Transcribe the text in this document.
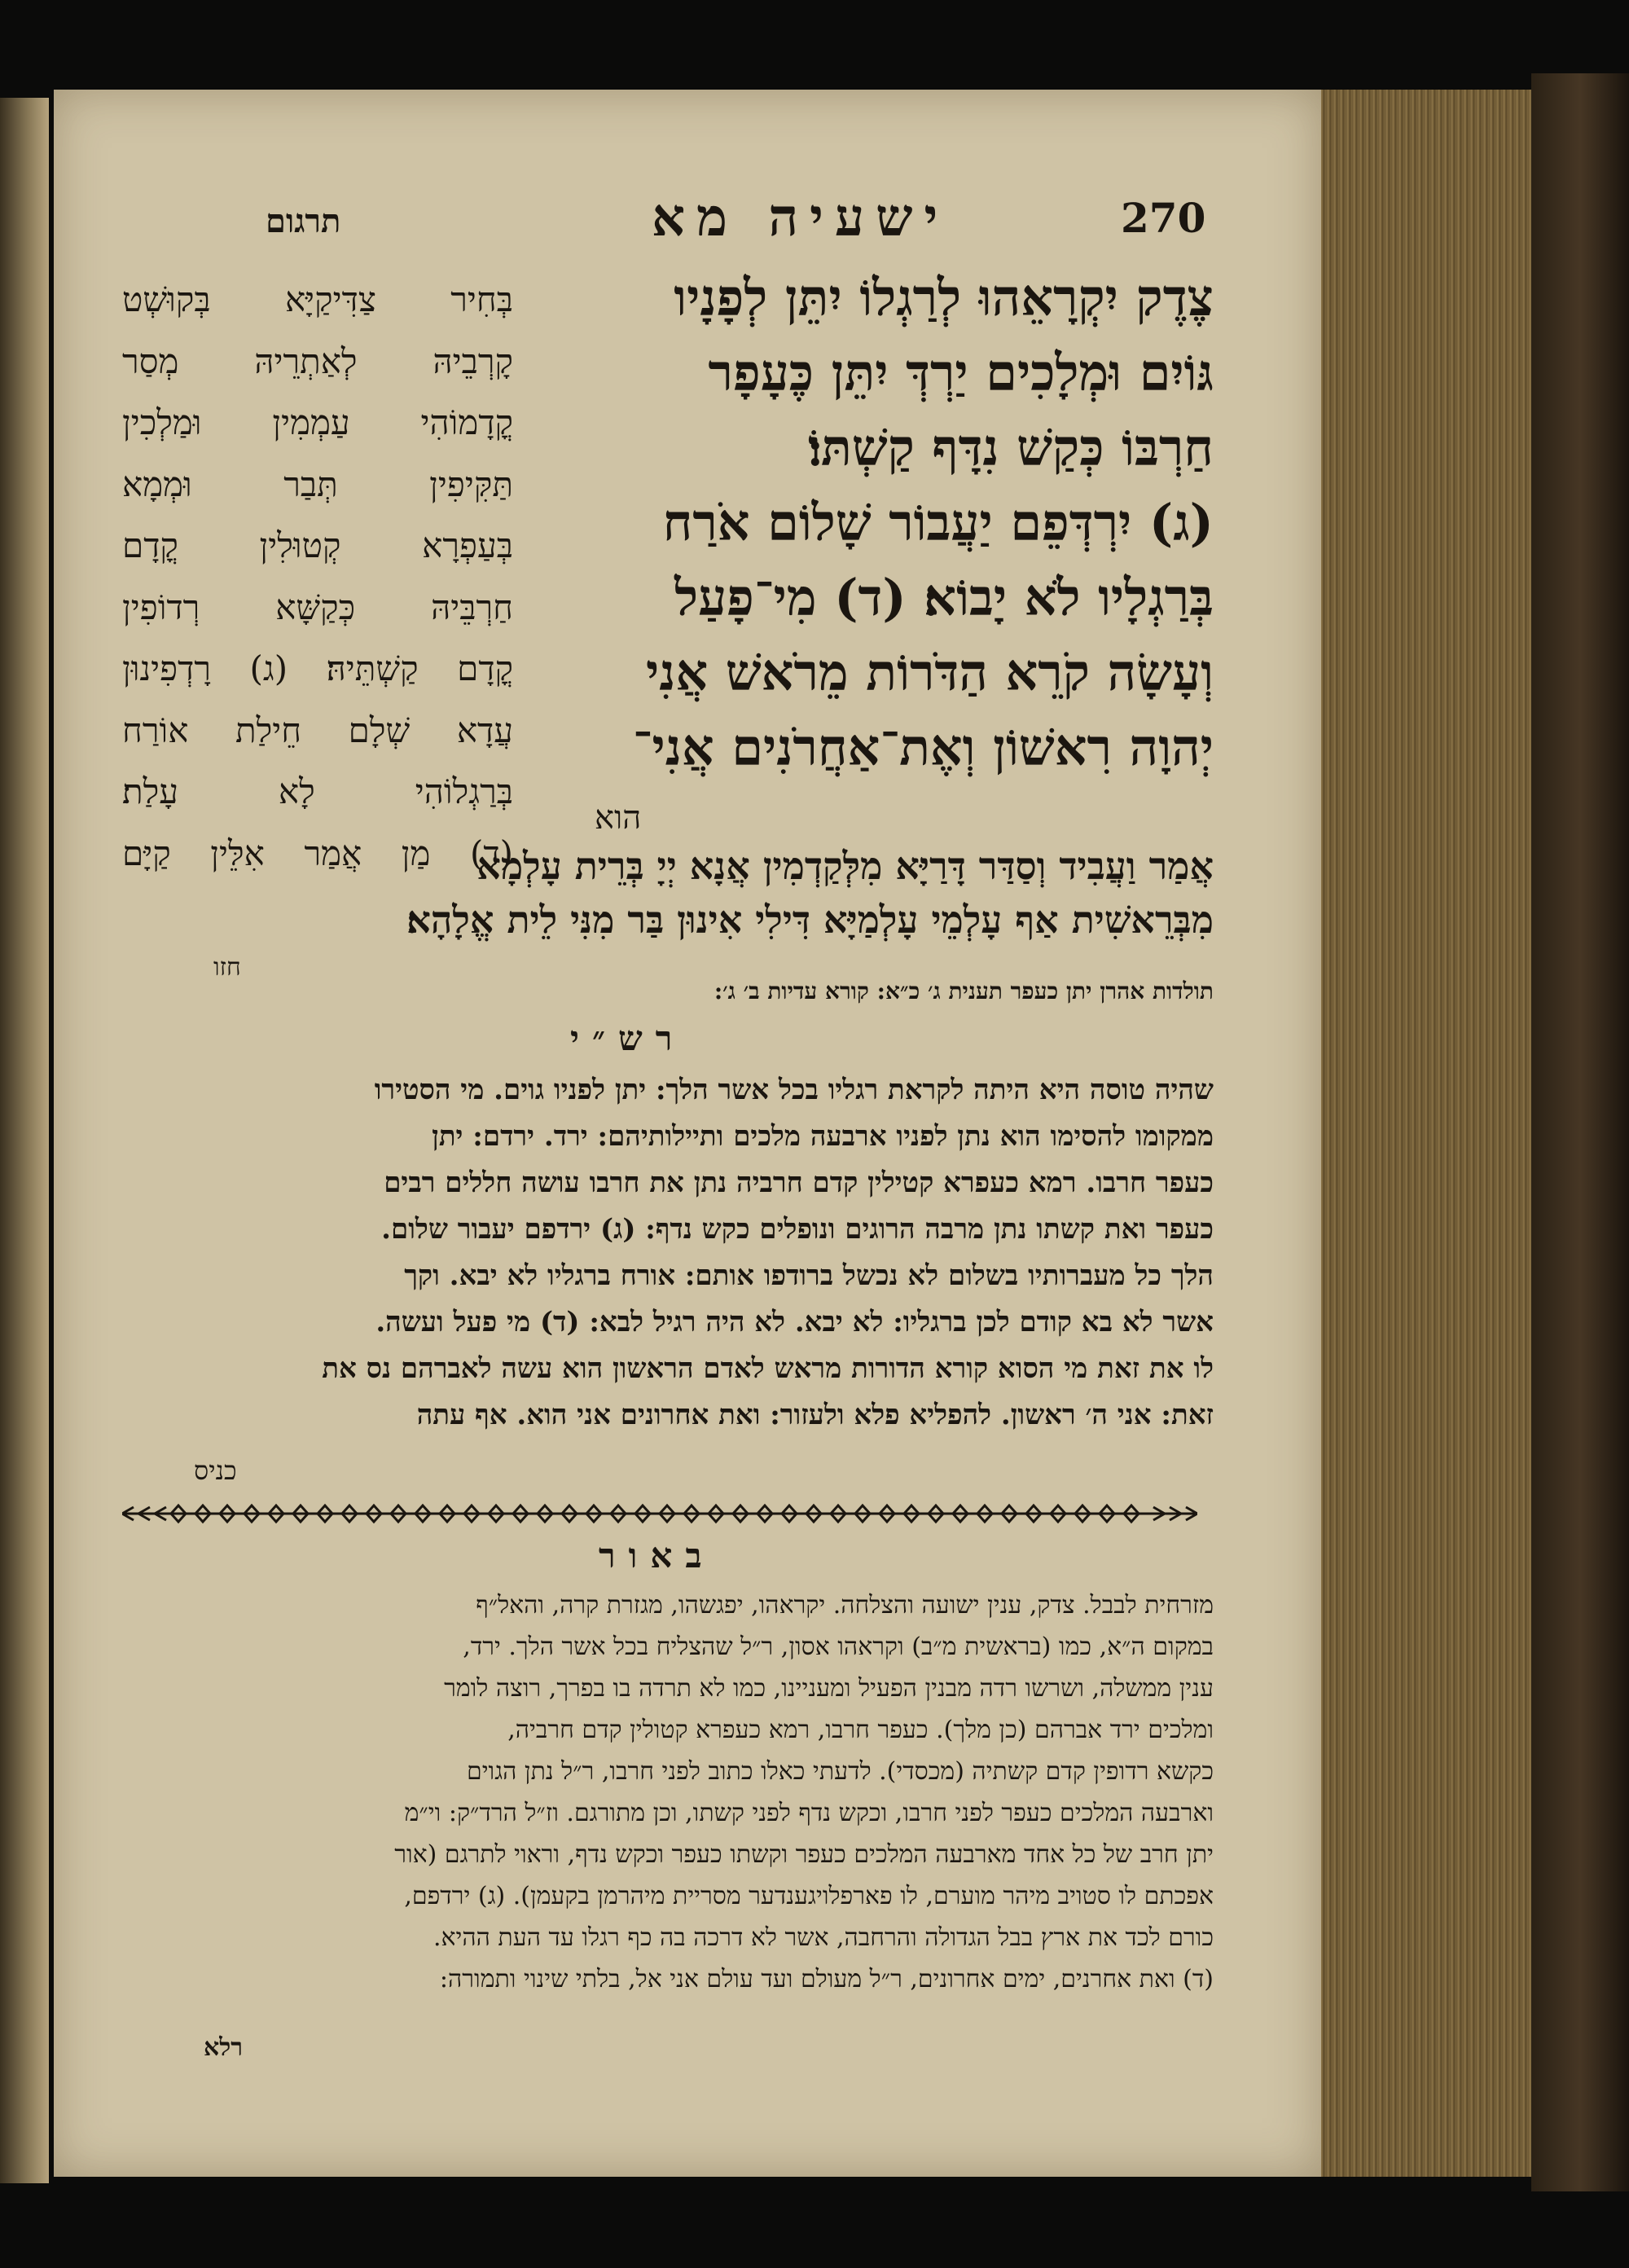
270
ישעיה מא
תרגום
צֶדֶק יִקְרָאֵהוּ לְרַגְלוֹ יִתֵּן לְפָנָיו
גּוֹיִם וּמְלָכִים יַרְדְּ יִתֵּן כֶּעָפָר
חַרְבּוֹ כְּקַשׁ נִדָּף קַשְׁתּוֹ׃
(ג) יִרְדְּפֵם יַעֲבוֹר שָׁלוֹם אֹרַח
בְּרַגְלָיו לֹא יָבוֹא׃ (ד) מִי־פָעַל
וְעָשָׂה קֹרֵא הַדֹּרוֹת מֵרֹאשׁ אֲנִי
יְהוָה רִאשׁוֹן וְאֶת־אַחֲרֹנִים אֲנִי־
הוא
בְּחִיר צַדִּיקַיָּא בְּקוּשְׁט
קָרְבֵיהּ לְאַתְרֵיהּ מְסַר
קֳדָמוֹהִי עַמְמִין וּמַלְכִין
תַּקִּיפִין תְּבַר וּמְמָא
בְּעַפְרָא קְטוּלִין קֳדָם
חַרְבֵּיהּ כְּקַשָּׁא רְדוֹפִין
קֳדָם קַשְׁתֵּיהּ׃ (ג) רָדְפִינוּן
עֲדָא שְׁלָם חֵילַת אוֹרַח
בְּרַגְלוֹהִי לָא עָלַת׃
(ד) מַן אֲמַר אִלֵּין קַיָּם
אֲמַר וַעֲבִיד וְסַדַּר דָּרַיָּא מִלְּקַדְמִין אֲנָא יְיָ בְּרֵית עָלְמָא
מִבְּרֵאשִׁית אַף עָלְמֵי עָלְמַיָּא דִּילִי אִינוּן בַּר מִנִּי לֵית אֱלָהָא׃
חזו
תולדות אהרן יתן כעפר תענית ג׳ כ״א: קורא עדיות ב׳ ג׳:
רש״י
שהיה טוסה היא היתה לקראת רגליו בכל אשר הלך: יתן לפניו גוים. מי הסטירו
ממקומו להסימו הוא נתן לפניו ארבעה מלכים ותיילותיהם: ירד. ירדם: יתן
כעפר חרבו. רמא כעפרא קטילין קדם חרביה נתן את חרבו עושה חללים רבים
כעפר ואת קשתו נתן מרבה הרוגים ונופלים כקש נדף: (ג) ירדפם יעבור שלום.
הלך כל מעברותיו בשלום לא נכשל ברודפו אותם: אורח ברגליו לא יבא. וקך
אשר לא בא קודם לכן ברגליו: לא יבא. לא היה רגיל לבא: (ד) מי פעל ועשה.
לו את זאת מי הסוא קורא הדורות מראש לאדם הראשון הוא עשה לאברהם נס את
זאת: אני ה׳ ראשון. להפליא פלא ולעזור: ואת אחרונים אני הוא. אף עתה
כניס
באור
מזרחית לבבל. צדק, ענין ישועה והצלחה. יקראהו, יפגשהו, מגזרת קרה, והאל״ף
במקום ה״א, כמו (בראשית מ״ב) וקראהו אסון, ר״ל שהצליח בכל אשר הלך. ירד,
ענין ממשלה, ושרשו רדה מבנין הפעיל ומעניינו, כמו לא תרדה בו בפרך, רוצה לומר
ומלכים ירד אברהם (כן מלך). כעפר חרבו, רמא כעפרא קטולין קדם חרביה,
כקשא רדופין קדם קשתיה (מכסדי). לדעתי כאלו כתוב לפני חרבו, ר״ל נתן הגוים
וארבעה המלכים כעפר לפני חרבו, וכקש נדף לפני קשתו, וכן מתורגם. וז״ל הרד״ק: וי״מ
יתן חרב של כל אחד מארבעה המלכים כעפר וקשתו כעפר וכקש נדף, וראוי לתרגם (אור
אפכתם לו סטויב מיהר מוערם, לו פארפלויגענדער מסריית מיהרמן בקעמן). (ג) ירדפם,
כורם לכד את ארץ בבל הגדולה והרחבה, אשר לא דרכה בה כף רגלו עד העת ההיא.
(ד) ואת אחרנים, ימים אחרונים, ר״ל מעולם ועד עולם אני אל, בלתי שינוי ותמורה:
רלא
